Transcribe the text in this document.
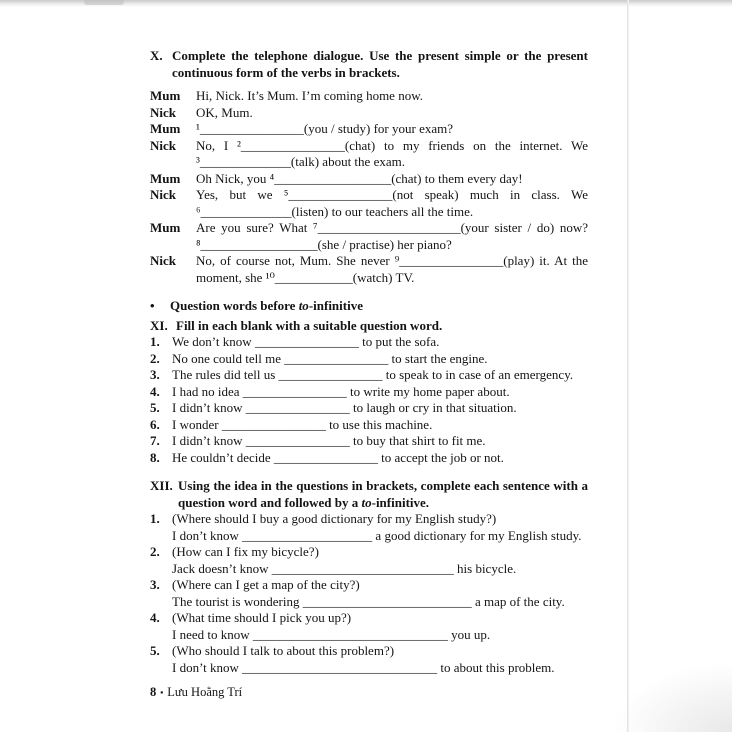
X. Complete the telephone dialogue. Use the present simple or the present continuous form of the verbs in brackets.
Mum	Hi, Nick. It’s Mum. I’m coming home now.
Nick	OK, Mum.
Mum	¹________________(you / study) for your exam?
Nick	No, I ²________________(chat) to my friends on the internet. We ³______________(talk) about the exam.
Mum	Oh Nick, you ⁴__________________(chat) to them every day!
Nick	Yes, but we ⁵________________(not speak) much in class. We ⁶______________(listen) to our teachers all the time.
Mum	Are you sure? What ⁷______________________(your sister / do) now? ⁸__________________(she / practise) her piano?
Nick	No, of course not, Mum. She never ⁹________________(play) it. At the moment, she ¹⁰____________(watch) TV.
•	Question words before to-infinitive
XI. Fill in each blank with a suitable question word.
1. We don’t know ________________ to put the sofa.
2. No one could tell me ________________ to start the engine.
3. The rules did tell us ________________ to speak to in case of an emergency.
4. I had no idea ________________ to write my home paper about.
5. I didn’t know ________________ to laugh or cry in that situation.
6. I wonder ________________ to use this machine.
7. I didn’t know ________________ to buy that shirt to fit me.
8. He couldn’t decide ________________ to accept the job or not.
XII. Using the idea in the questions in brackets, complete each sentence with a question word and followed by a to-infinitive.
1. (Where should I buy a good dictionary for my English study?)
I don’t know ____________________ a good dictionary for my English study.
2. (How can I fix my bicycle?)
Jack doesn’t know ____________________________ his bicycle.
3. (Where can I get a map of the city?)
The tourist is wondering __________________________ a map of the city.
4. (What time should I pick you up?)
I need to know ______________________________ you up.
5. (Who should I talk to about this problem?)
I don’t know ______________________________ to about this problem.
8 ▪ Lưu Hoằng Trí
